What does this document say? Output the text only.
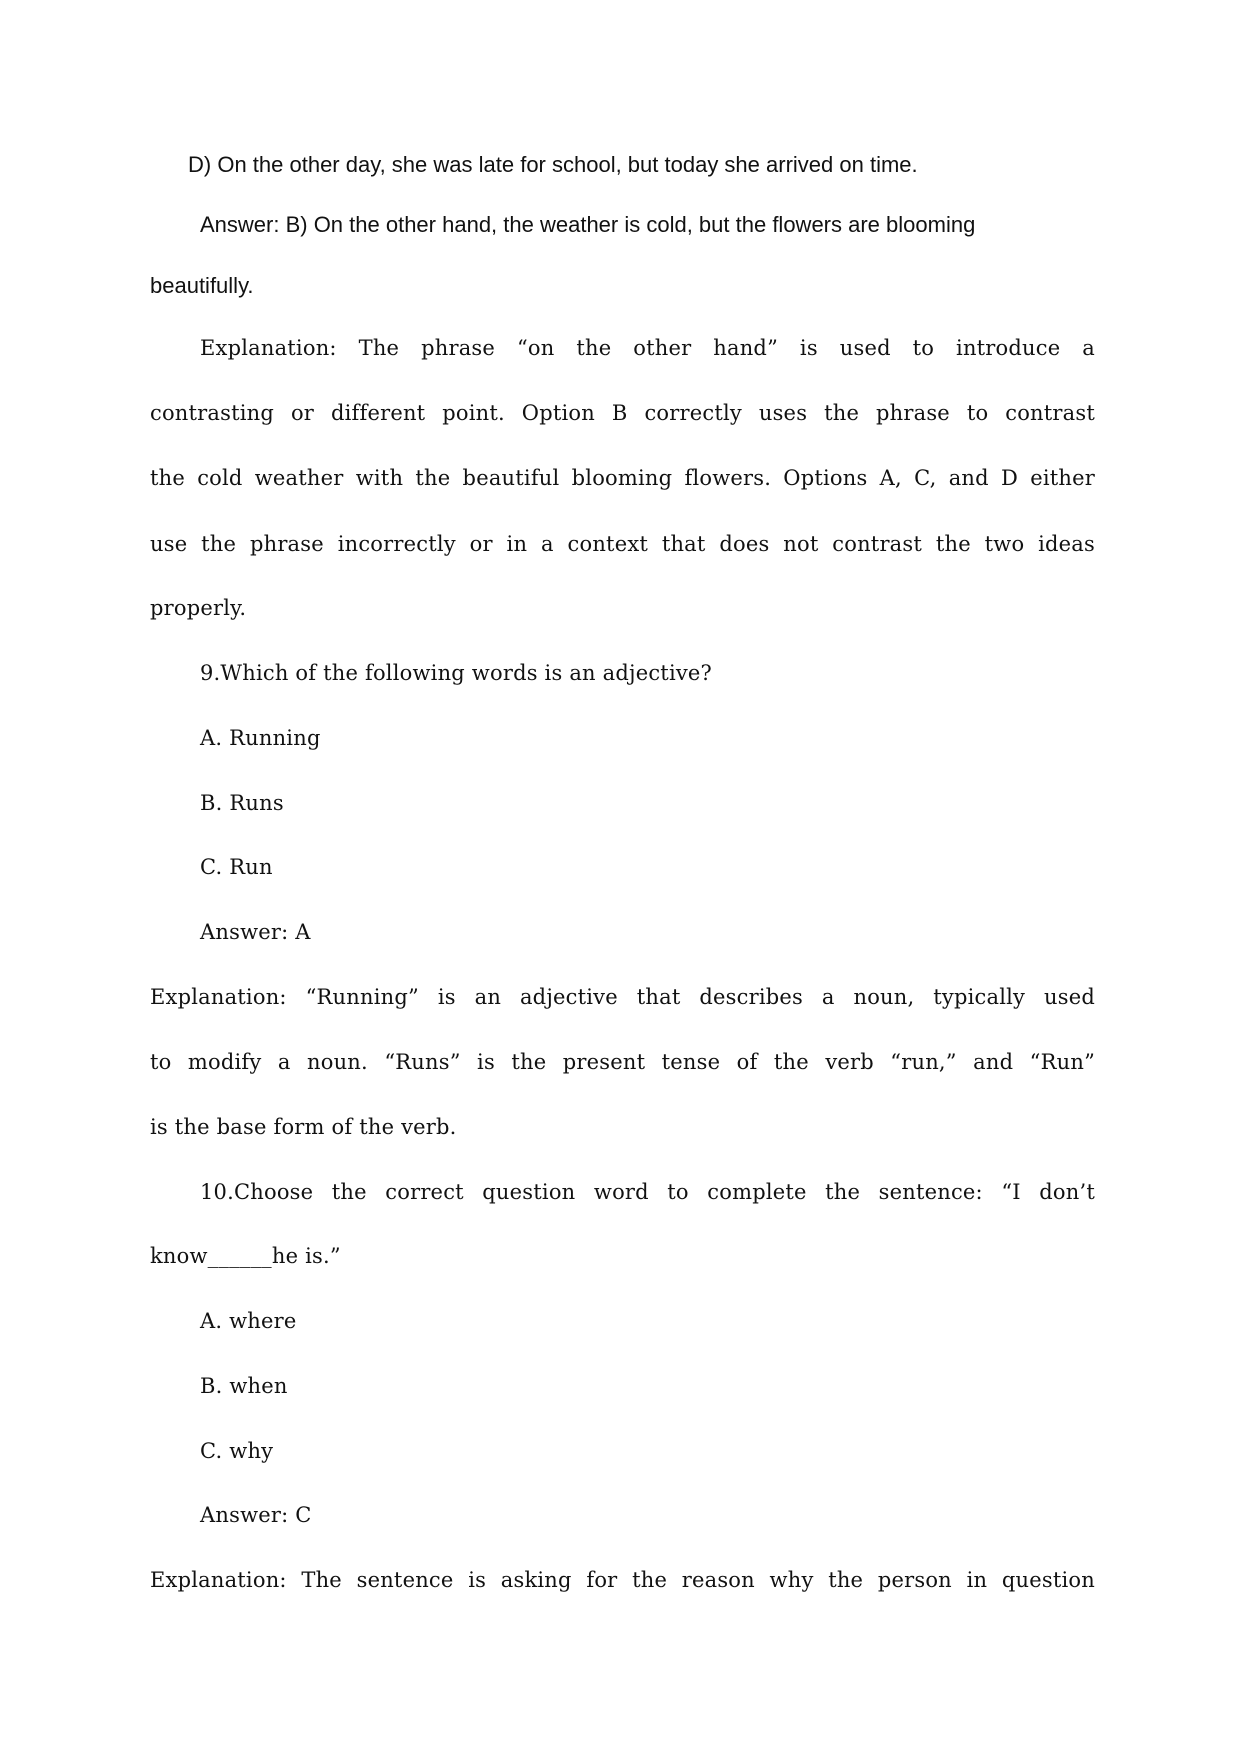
D) On the other day, she was late for school, but today she arrived on time.
Answer: B) On the other hand, the weather is cold, but the flowers are blooming
beautifully.
Explanation: The phrase “on the other hand” is used to introduce a
contrasting or different point. Option B correctly uses the phrase to contrast
the cold weather with the beautiful blooming flowers. Options A, C, and D either
use the phrase incorrectly or in a context that does not contrast the two ideas
properly.
9.Which of the following words is an adjective?
A. Running
B. Runs
C. Run
Answer: A
Explanation: “Running” is an adjective that describes a noun, typically used
to modify a noun. “Runs” is the present tense of the verb “run,” and “Run”
is the base form of the verb.
10.Choose the correct question word to complete the sentence: “I don’t
know______he is.”
A. where
B. when
C. why
Answer: C
Explanation: The sentence is asking for the reason why the person in question
